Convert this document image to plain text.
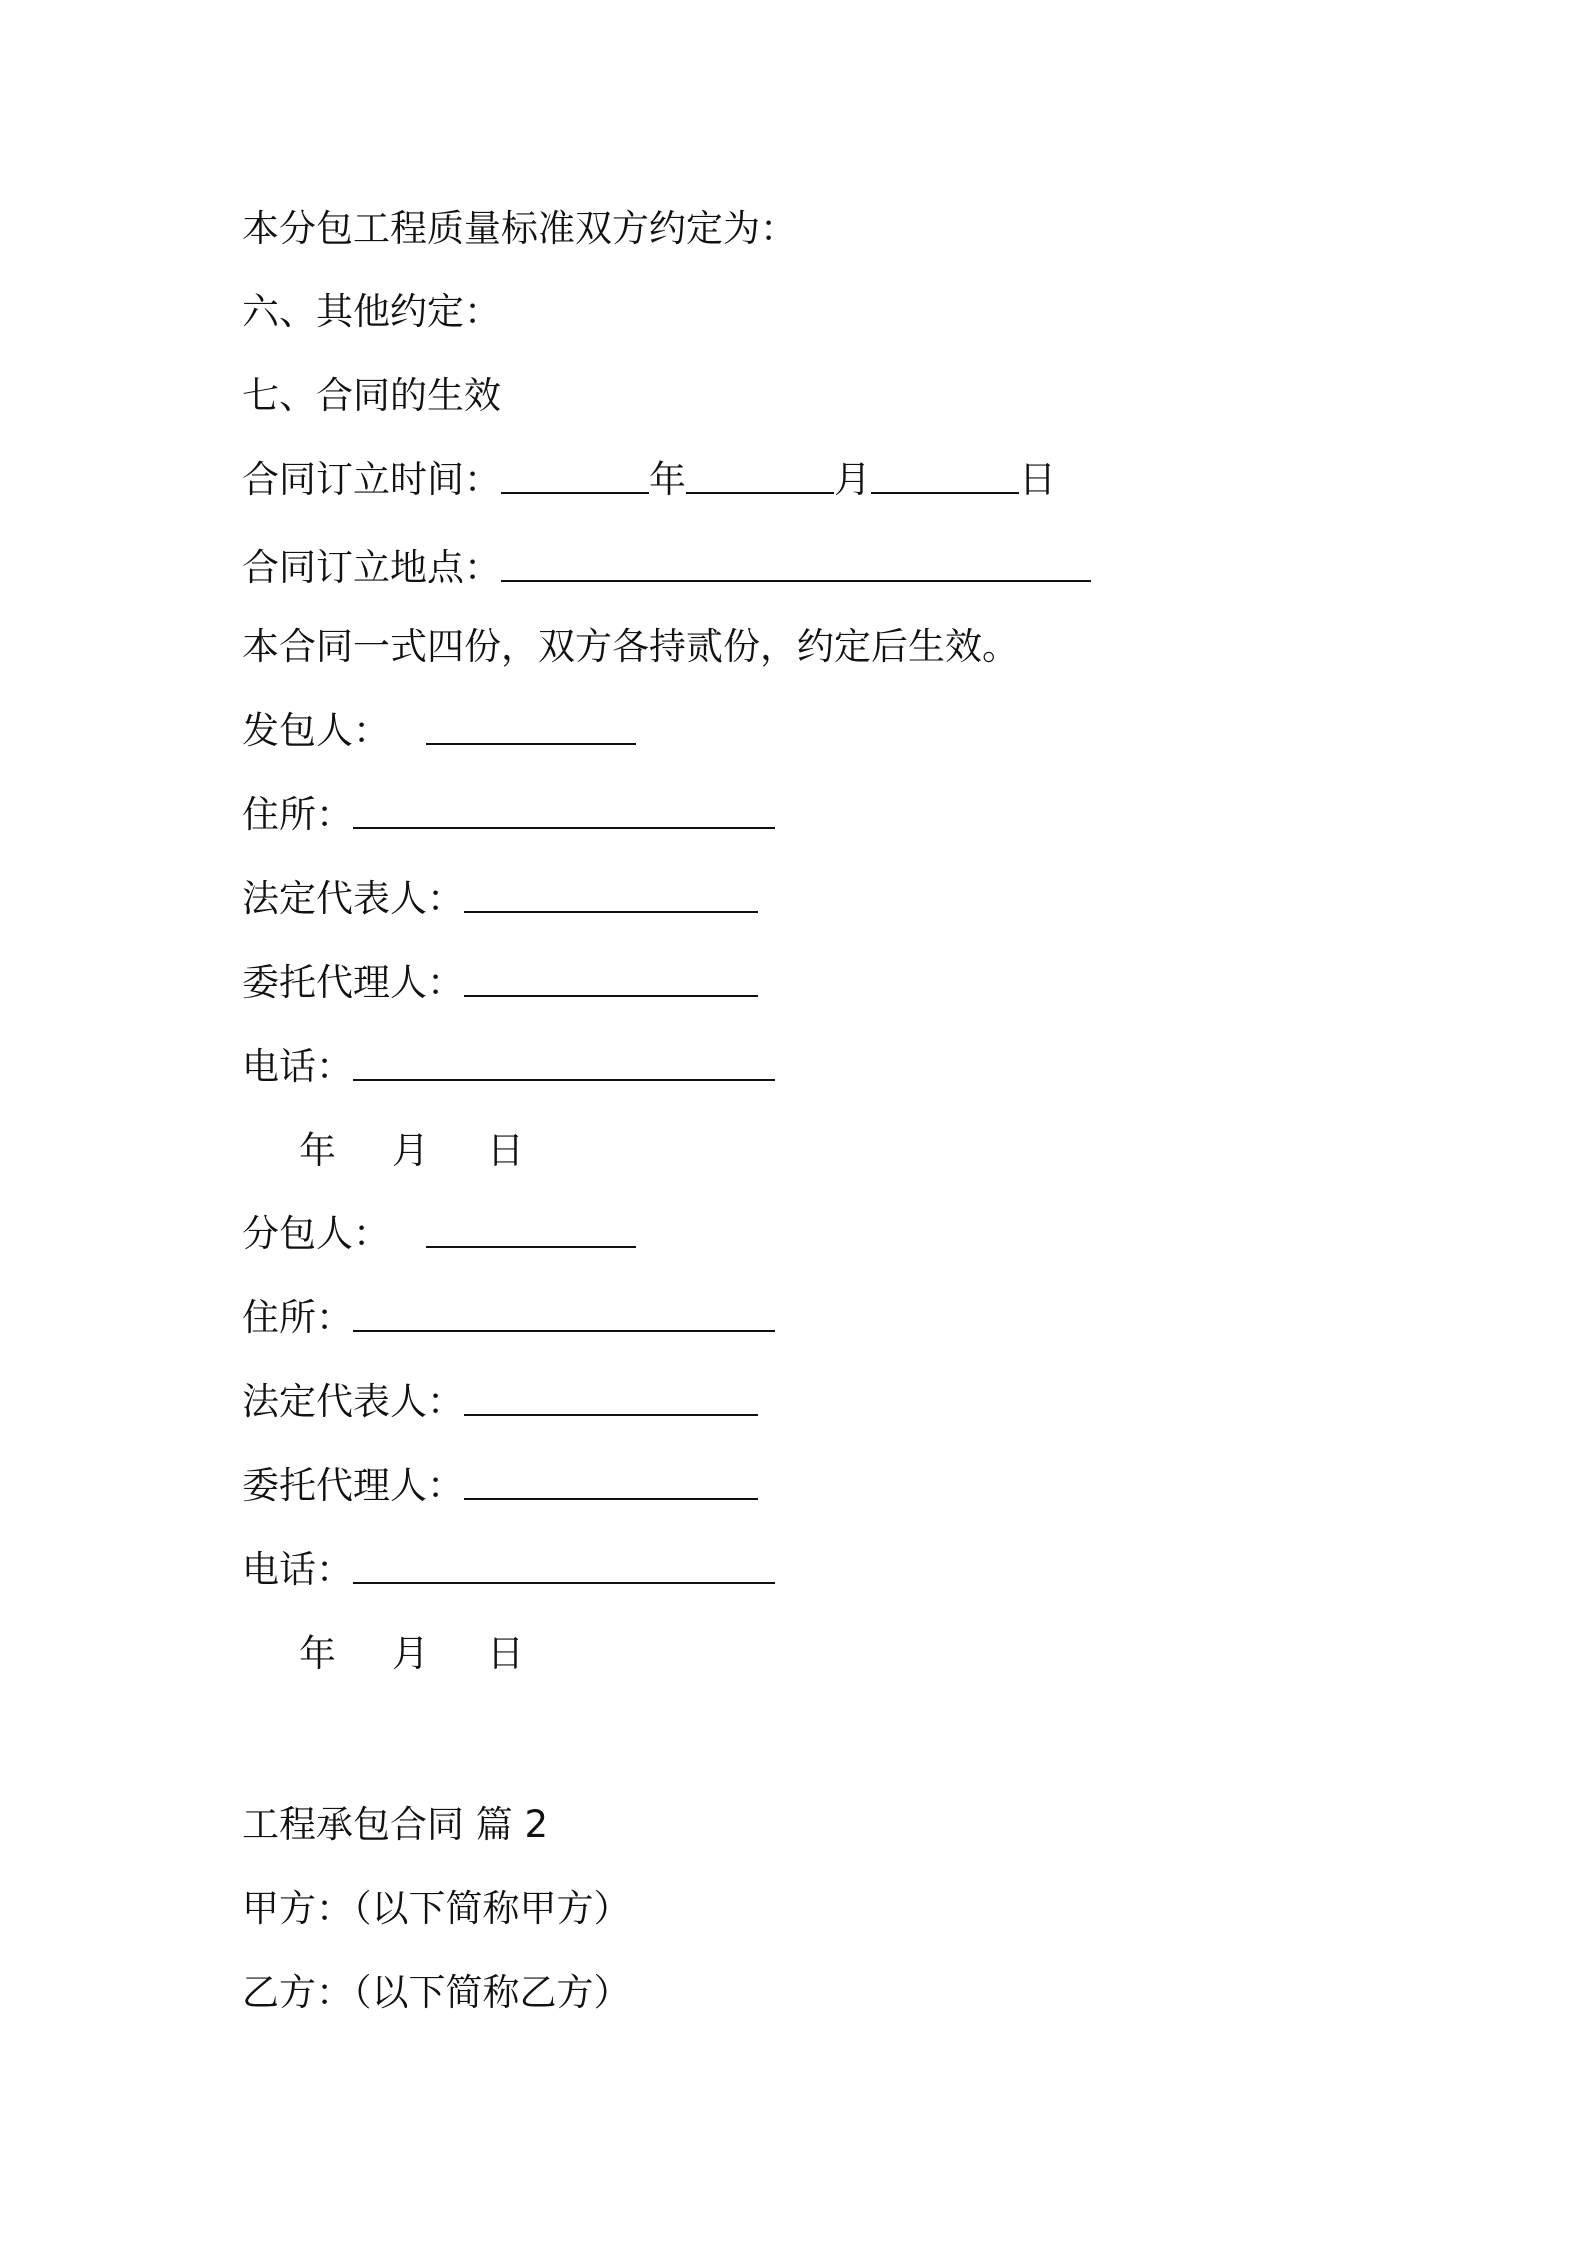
本分包工程质量标准双方约定为：
六、其他约定：
七、合同的生效
合同订立时间：	年	月	日
合同订立地点：
本合同一式四份，双方各持贰份，约定后生效。
发包人：
住所：
法定代表人：
委托代理人：
电话：
年 月 日
分包人：
住所：
法定代表人：
委托代理人：
电话：
年 月 日
工程承包合同 篇 2
甲方：（以下简称甲方）
乙方：（以下简称乙方）
